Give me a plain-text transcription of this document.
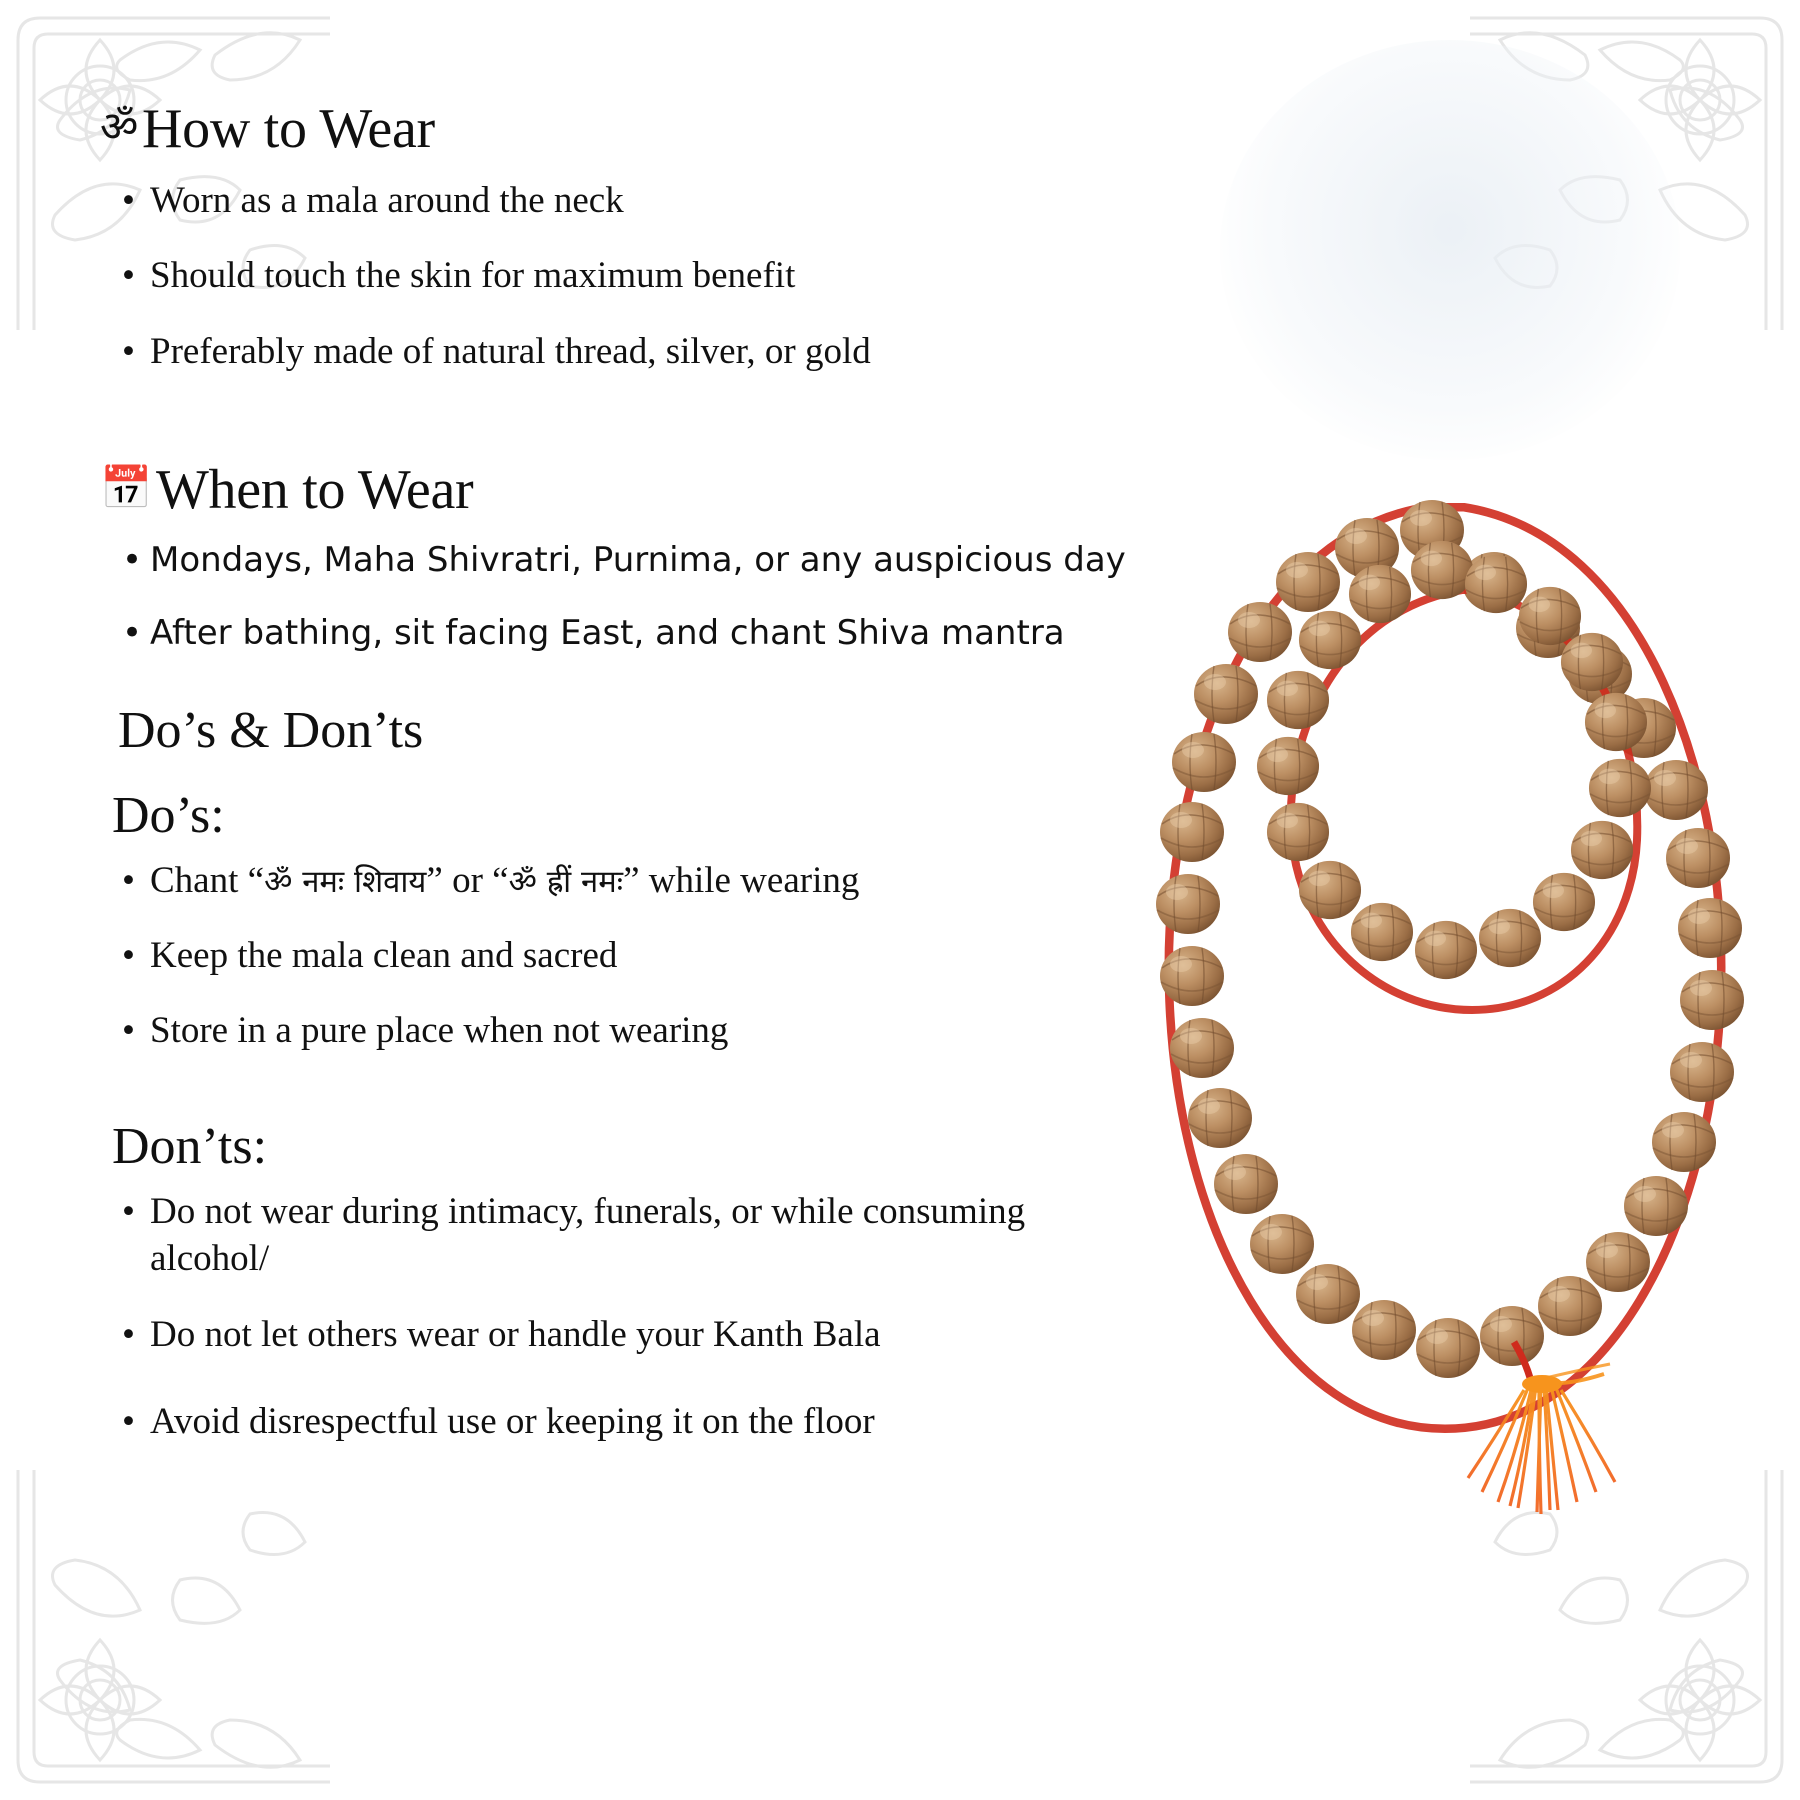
ॐ How to Wear
• Worn as a mala around the neck
• Should touch the skin for maximum benefit
• Preferably made of natural thread, silver, or gold
📅 When to Wear
• Mondays, Maha Shivratri, Purnima, or any auspicious day
• After bathing, sit facing East, and chant Shiva mantra
Do’s & Don’ts
Do’s:
• Chant “ॐ नमः शिवाय” or “ॐ ह्रीं नमः” while wearing
• Keep the mala clean and sacred
• Store in a pure place when not wearing
Don’ts:
• Do not wear during intimacy, funerals, or while consuming alcohol/
• Do not let others wear or handle your Kanth Bala
• Avoid disrespectful use or keeping it on the floor
